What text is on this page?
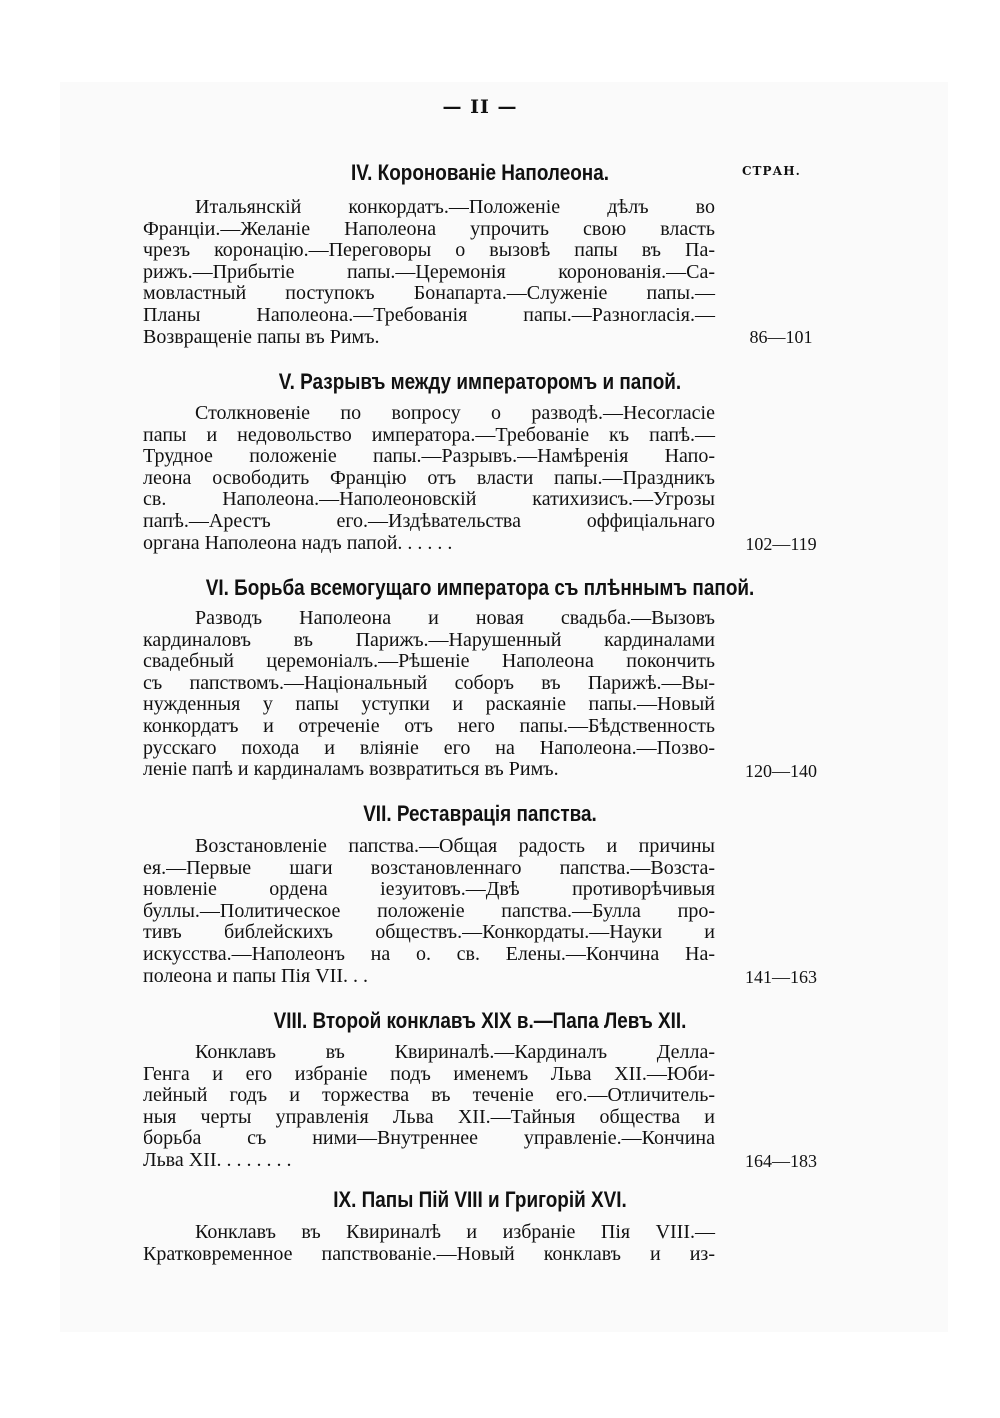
— II —
СТРАН.
IV. Коронованіе Наполеона.
Итальянскій конкордатъ.—Положеніе дѣлъ во
Франціи.—Желаніе Наполеона упрочить свою власть
чрезъ коронацію.—Переговоры о вызовѣ папы въ Па-
рижъ.—Прибытіе папы.—Церемонія коронованія.—Са-
мовластный поступокъ Бонапарта.—Служеніе папы.—
Планы Наполеона.—Требованія папы.—Разногласія.—
Возвращеніе папы въ Римъ.	86—101
V. Разрывъ между императоромъ и папой.
Столкновеніе по вопросу о разводѣ.—Несогласіе
папы и недовольство императора.—Требованіе къ папѣ.—
Трудное положеніе папы.—Разрывъ.—Намѣренія Напо-
леона освободить Францію отъ власти папы.—Праздникъ
св. Наполеона.—Наполеоновскій катихизисъ.—Угрозы
папѣ.—Арестъ его.—Издѣвательства оффиціальнаго
органа Наполеона надъ папой. . . . . .	102—119
VI. Борьба всемогущаго императора съ плѣннымъ папой.
Разводъ Наполеона и новая свадьба.—Вызовъ
кардиналовъ въ Парижъ.—Нарушенный кардиналами
свадебный церемоніалъ.—Рѣшеніе Наполеона покончить
съ папствомъ.—Національный соборъ въ Парижѣ.—Вы-
нужденныя у папы уступки и раскаяніе папы.—Новый
конкордатъ и отреченіе отъ него папы.—Бѣдственность
русскаго похода и вліяніе его на Наполеона.—Позво-
леніе папѣ и кардиналамъ возвратиться въ Римъ.	120—140
VII. Реставрація папства.
Возстановленіе папства.—Общая радость и причины
ея.—Первые шаги возстановленнаго папства.—Возста-
новленіе ордена іезуитовъ.—Двѣ противорѣчивыя
буллы.—Политическое положеніе папства.—Булла про-
тивъ библейскихъ обществъ.—Конкордаты.—Науки и
искусства.—Наполеонъ на о. св. Елены.—Кончина На-
полеона и папы Пія VII. . .	141—163
VIII. Второй конклавъ XIX в.—Папа Левъ XII.
Конклавъ въ Квириналѣ.—Кардиналъ Делла-
Генга и его избраніе подъ именемъ Льва XII.—Юби-
лейный годъ и торжества въ теченіе его.—Отличитель-
ныя черты управленія Льва XII.—Тайныя общества и
борьба съ ними—Внутреннее управленіе.—Кончина
Льва XII. . . . . . . .	164—183
IX. Папы Пій VIII и Григорій XVI.
Конклавъ въ Квириналѣ и избраніе Пія VIII.—
Кратковременное папствованіе.—Новый конклавъ и из-
